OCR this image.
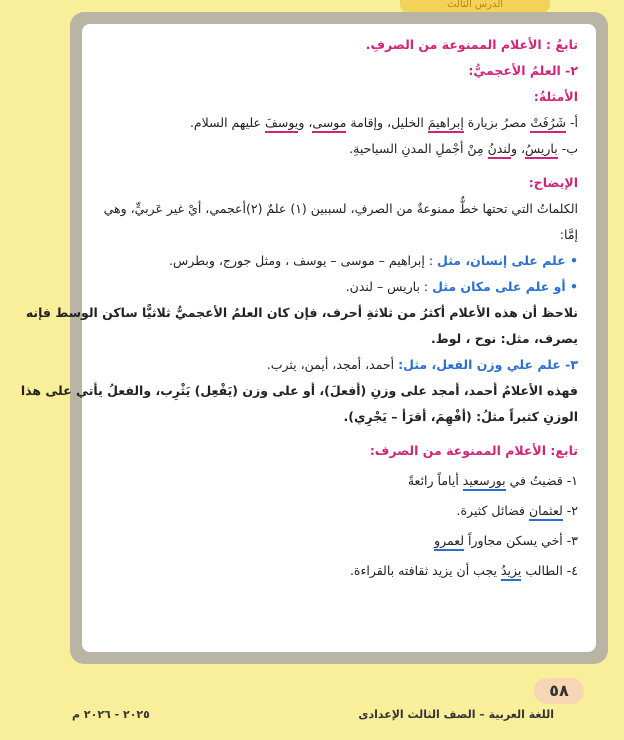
الدرس الثالث
تابعُ : الأعلام الممنوعة من الصرفِ.
٢- العلمُ الأعجميُّ:
الأمثلةُ:
أ- شَرُفَتْ مصرُ بزيارة إبراهيمَ الخليل، وإقامة موسى، ويوسفَ عليهم السلام.
ب- باريسُ، ولندنُ مِنْ أجْملِ المدنِ السياحيةِ.
الإيضاح:
الكلماتُ التي تحتها خطٌّ ممنوعةٌ من الصرفِ، لسببين (١) علمٌ (٢)أعجمي، أيْ غير عَربيٍّ، وهي
إمَّا:
• علم على إنسان، مثل : إبراهيم – موسى – يوسف ، ومثل جورج، وبطرس.
• أو علم على مكان مثل : باريس – لندن.
نلاحظ أن هذه الأعلام أكثرُ من ثلاثةِ أحرف، فإن كان العلمُ الأعجميُّ ثلاثيًّا ساكن الوسط فإنه
يصرف، مثل: نوح ، لوط.
٣- علم علي وزن الفعل، مثل: أحمد، أمجد، أيمن، يثرب.
فهذه الأعلامُ أحمد، أمجد على وزنِ (أفعلَ)، أو على وزن (يَفْعِل) يَثْرِب، والفعلُ يأتي على هذا
الوزنِ كثيراً مثلُ: (أفْهِمَ، أقرَأ – يَجْرِي).
تابع: الأعلام الممنوعة من الصرف:
١- قضيتُ في بورسعيد أياماً رائعةً
٢- لعثمان فضائل كثيرة.
٣- أخي يسكن مجاوراً لعمرو
٤- الطالب يزيدُ يجب أن يزيد ثقافته بالقراءة.
٥٨
اللغة العربية – الصف الثالث الإعدادى
٢٠٢٥ - ٢٠٢٦ م
